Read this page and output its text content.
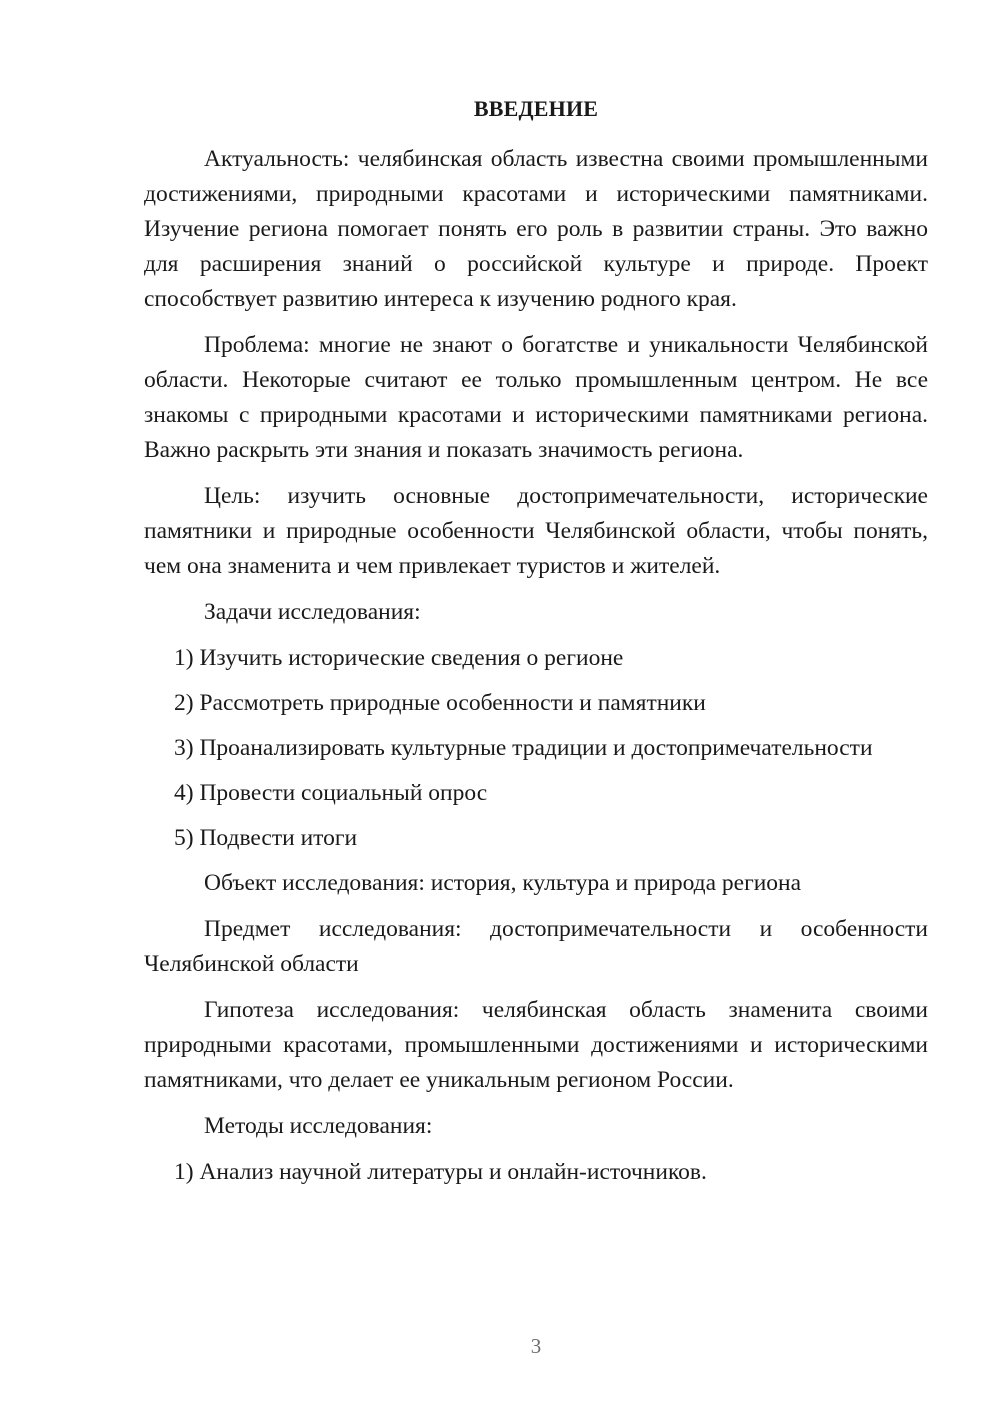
ВВЕДЕНИЕ

Актуальность: челябинская область известна своими промышленными достижениями, природными красотами и историческими памятниками. Изучение региона помогает понять его роль в развитии страны. Это важно для расширения знаний о российской культуре и природе. Проект способствует развитию интереса к изучению родного края.

Проблема: многие не знают о богатстве и уникальности Челябинской области. Некоторые считают ее только промышленным центром. Не все знакомы с природными красотами и историческими памятниками региона. Важно раскрыть эти знания и показать значимость региона.

Цель: изучить основные достопримечательности, исторические памятники и природные особенности Челябинской области, чтобы понять, чем она знаменита и чем привлекает туристов и жителей.

Задачи исследования:

1) Изучить исторические сведения о регионе
2) Рассмотреть природные особенности и памятники
3) Проанализировать культурные традиции и достопримечательности
4) Провести социальный опрос
5) Подвести итоги

Объект исследования: история, культура и природа региона

Предмет исследования: достопримечательности и особенности Челябинской области

Гипотеза исследования: челябинская область знаменита своими природными красотами, промышленными достижениями и историческими памятниками, что делает ее уникальным регионом России.

Методы исследования:

1) Анализ научной литературы и онлайн-источников.
3
